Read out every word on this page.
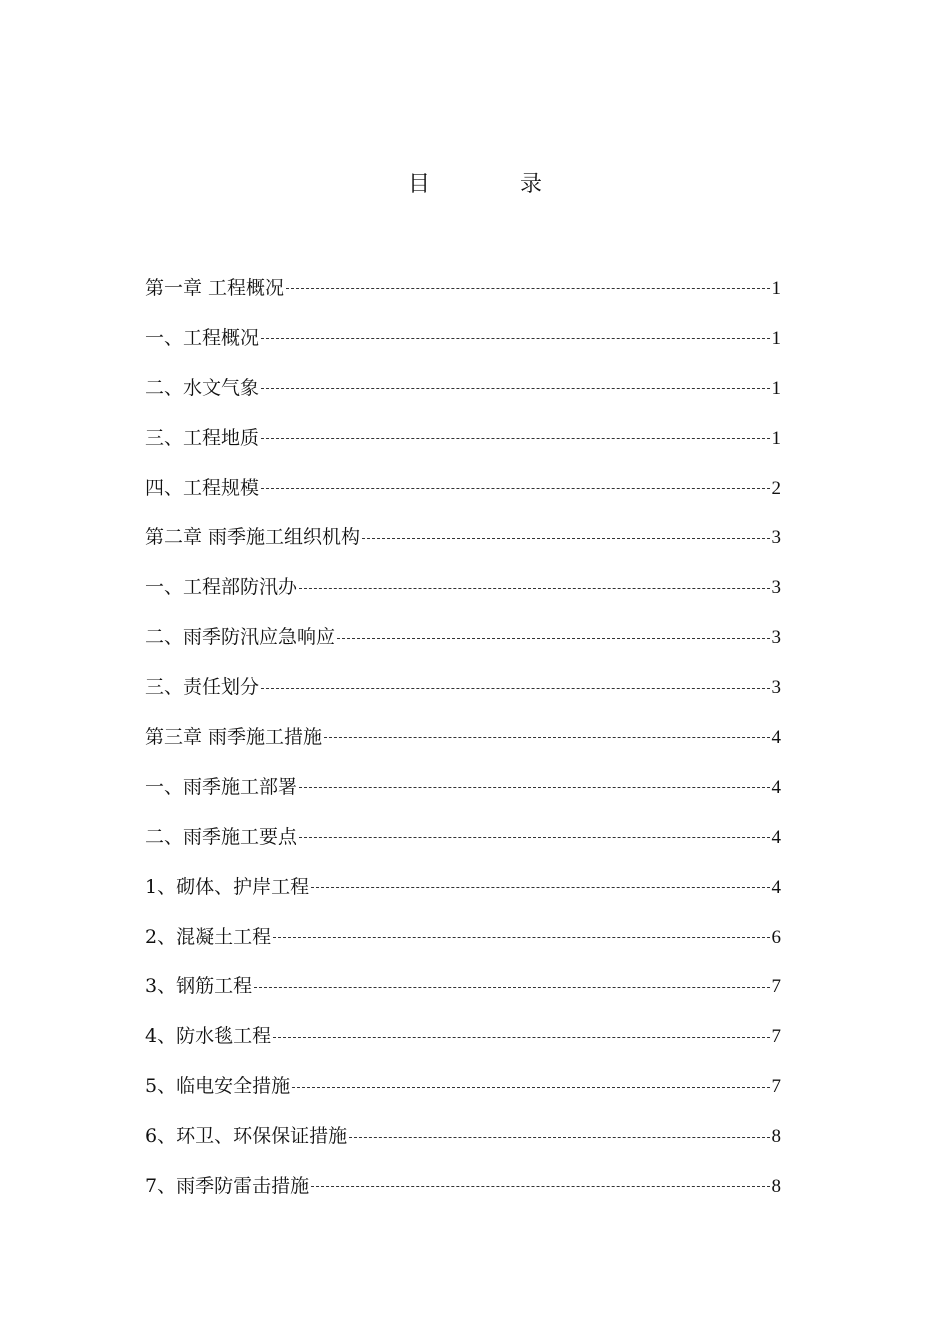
目　录
第一章 工程概况	1
一、工程概况	1
二、水文气象	1
三、工程地质	1
四、工程规模	2
第二章 雨季施工组织机构	3
一、工程部防汛办	3
二、雨季防汛应急响应	3
三、责任划分	3
第三章 雨季施工措施	4
一、雨季施工部署	4
二、雨季施工要点	4
1、砌体、护岸工程	4
2、混凝土工程	6
3、钢筋工程	7
4、防水毯工程	7
5、临电安全措施	7
6、环卫、环保保证措施	8
7、雨季防雷击措施	8
